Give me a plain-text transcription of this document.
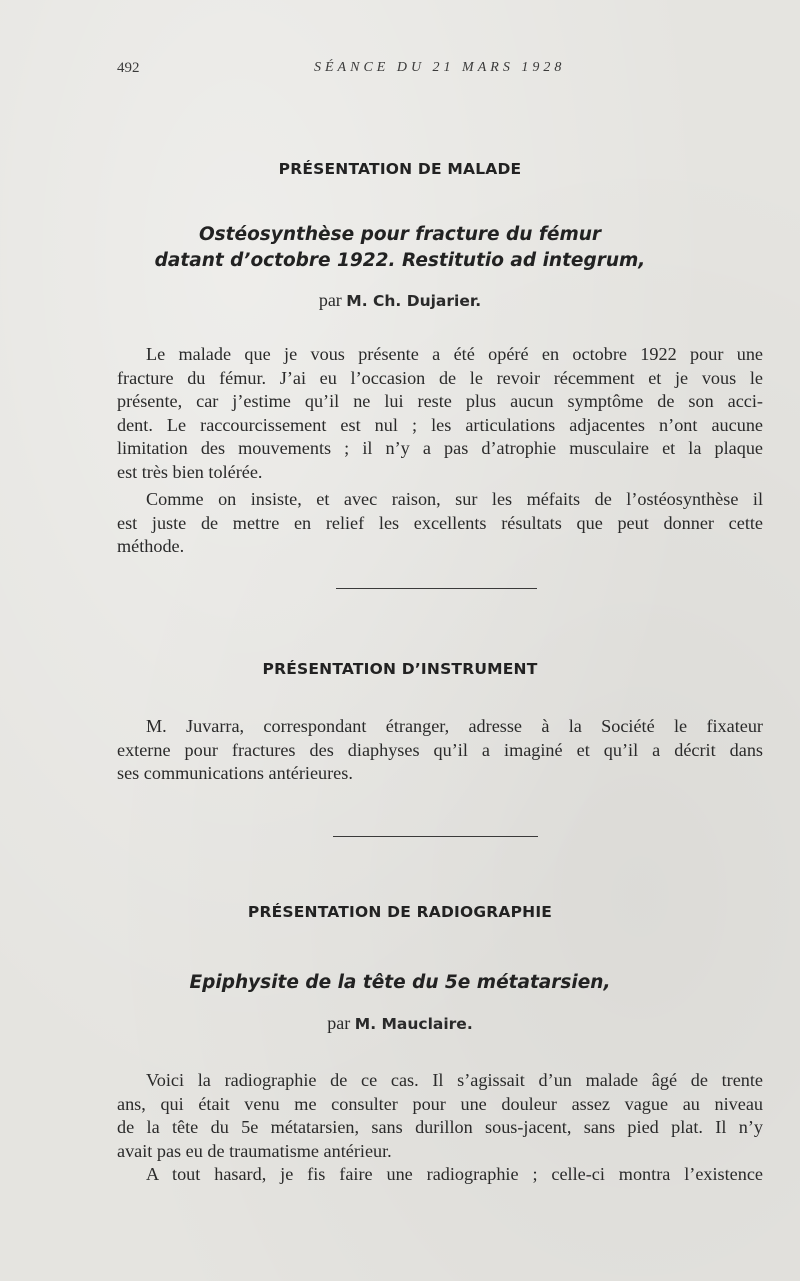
492	SÉANCE DU 21 MARS 1928
PRÉSENTATION DE MALADE
Ostéosynthèse pour fracture du fémur
datant d’octobre 1922. Restitutio ad integrum,
par M. Ch. Dujarier.
Le malade que je vous présente a été opéré en octobre 1922 pour une
fracture du fémur. J’ai eu l’occasion de le revoir récemment et je vous le
présente, car j’estime qu’il ne lui reste plus aucun symptôme de son acci-
dent. Le raccourcissement est nul ; les articulations adjacentes n’ont aucune
limitation des mouvements ; il n’y a pas d’atrophie musculaire et la plaque
est très bien tolérée.
Comme on insiste, et avec raison, sur les méfaits de l’ostéosynthèse il
est juste de mettre en relief les excellents résultats que peut donner cette
méthode.
PRÉSENTATION D’INSTRUMENT
M. Juvarra, correspondant étranger, adresse à la Société le fixateur
externe pour fractures des diaphyses qu’il a imaginé et qu’il a décrit dans
ses communications antérieures.
PRÉSENTATION DE RADIOGRAPHIE
Epiphysite de la tête du 5e métatarsien,
par M. Mauclaire.
Voici la radiographie de ce cas. Il s’agissait d’un malade âgé de trente
ans, qui était venu me consulter pour une douleur assez vague au niveau
de la tête du 5e métatarsien, sans durillon sous-jacent, sans pied plat. Il n’y
avait pas eu de traumatisme antérieur.
A tout hasard, je fis faire une radiographie ; celle-ci montra l’existence
